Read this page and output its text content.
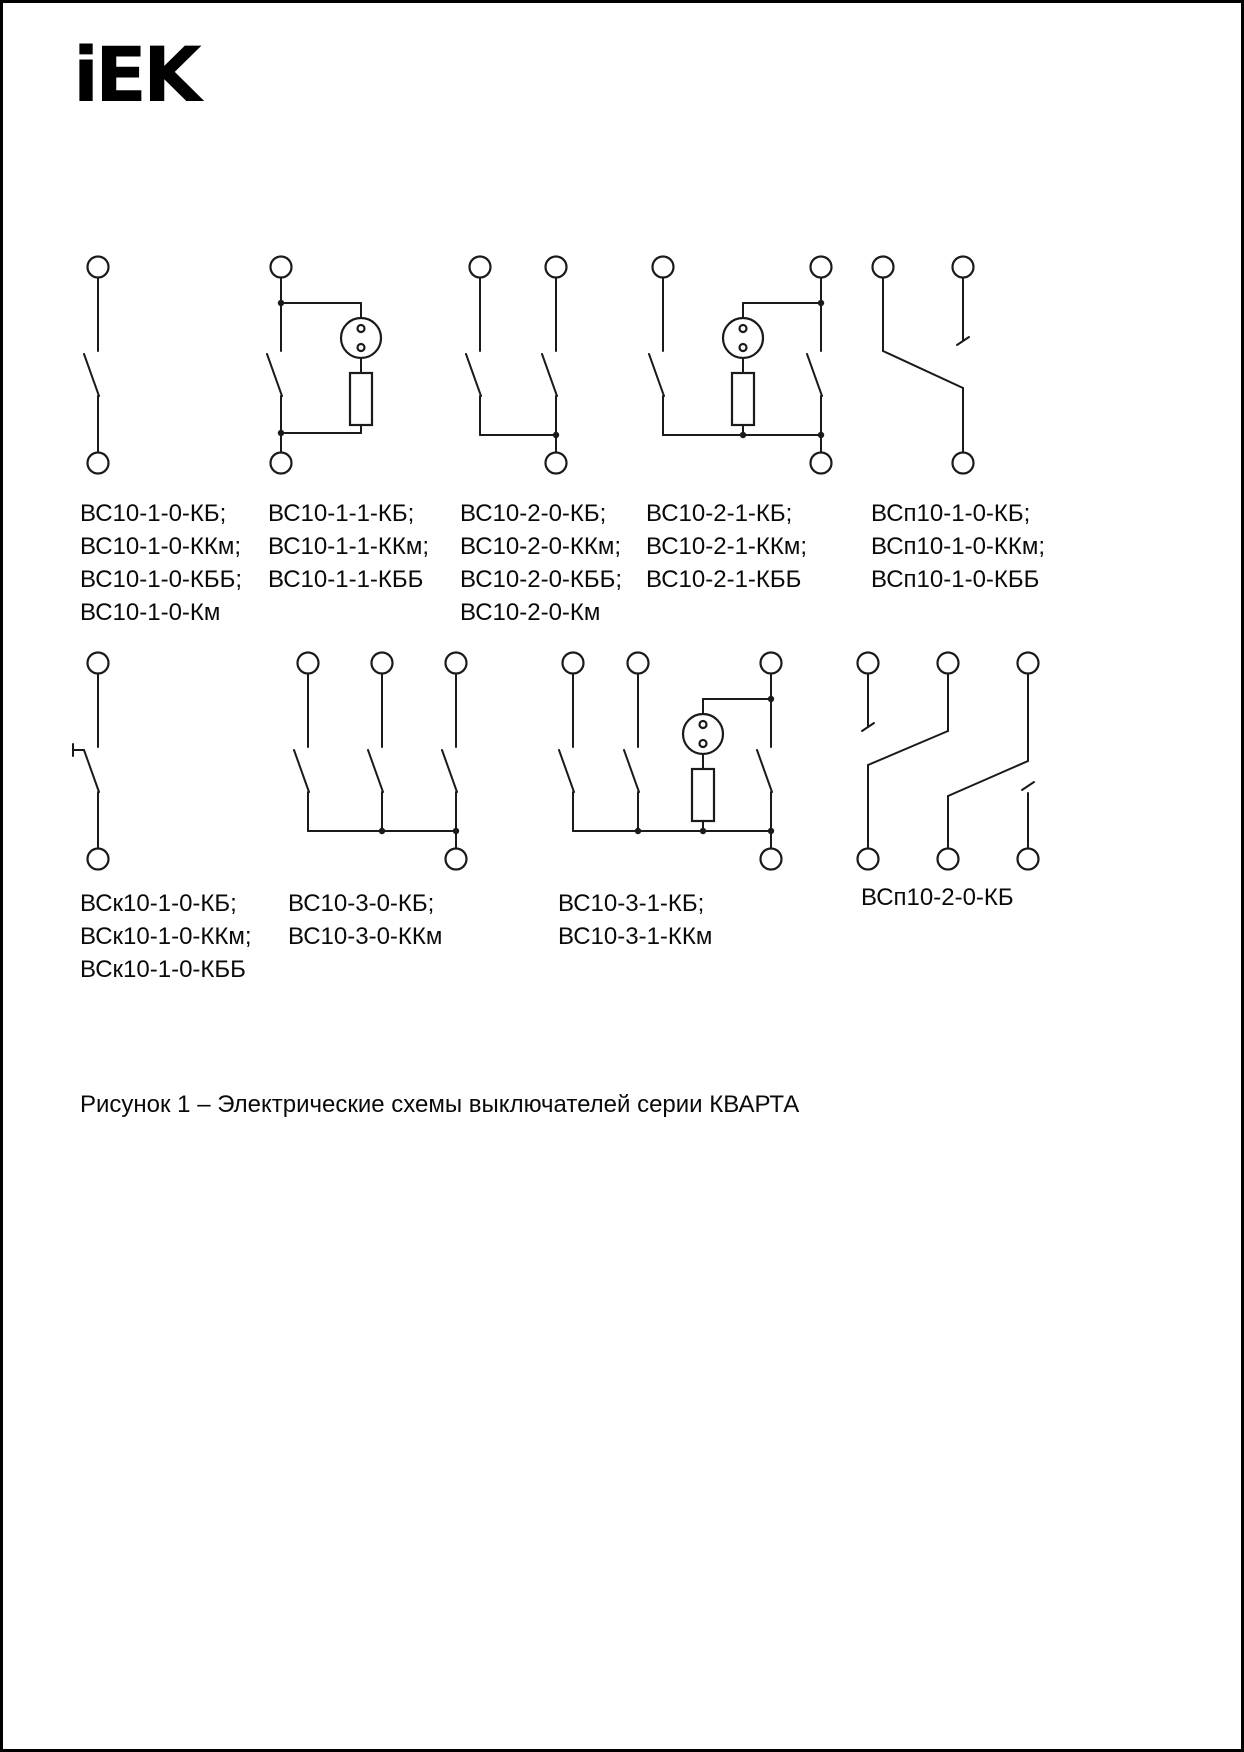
iEK
ВС10-1-0-КБ;
ВС10-1-0-ККм;
ВС10-1-0-КББ;
ВС10-1-0-Км
ВС10-1-1-КБ;
ВС10-1-1-ККм;
ВС10-1-1-КББ
ВС10-2-0-КБ;
ВС10-2-0-ККм;
ВС10-2-0-КББ;
ВС10-2-0-Км
ВС10-2-1-КБ;
ВС10-2-1-ККм;
ВС10-2-1-КББ
ВСп10-1-0-КБ;
ВСп10-1-0-ККм;
ВСп10-1-0-КББ
ВСк10-1-0-КБ;
ВСк10-1-0-ККм;
ВСк10-1-0-КББ
ВС10-3-0-КБ;
ВС10-3-0-ККм
ВС10-3-1-КБ;
ВС10-3-1-ККм
ВСп10-2-0-КБ
Рисунок 1 – Электрические схемы выключателей серии КВАРТА
